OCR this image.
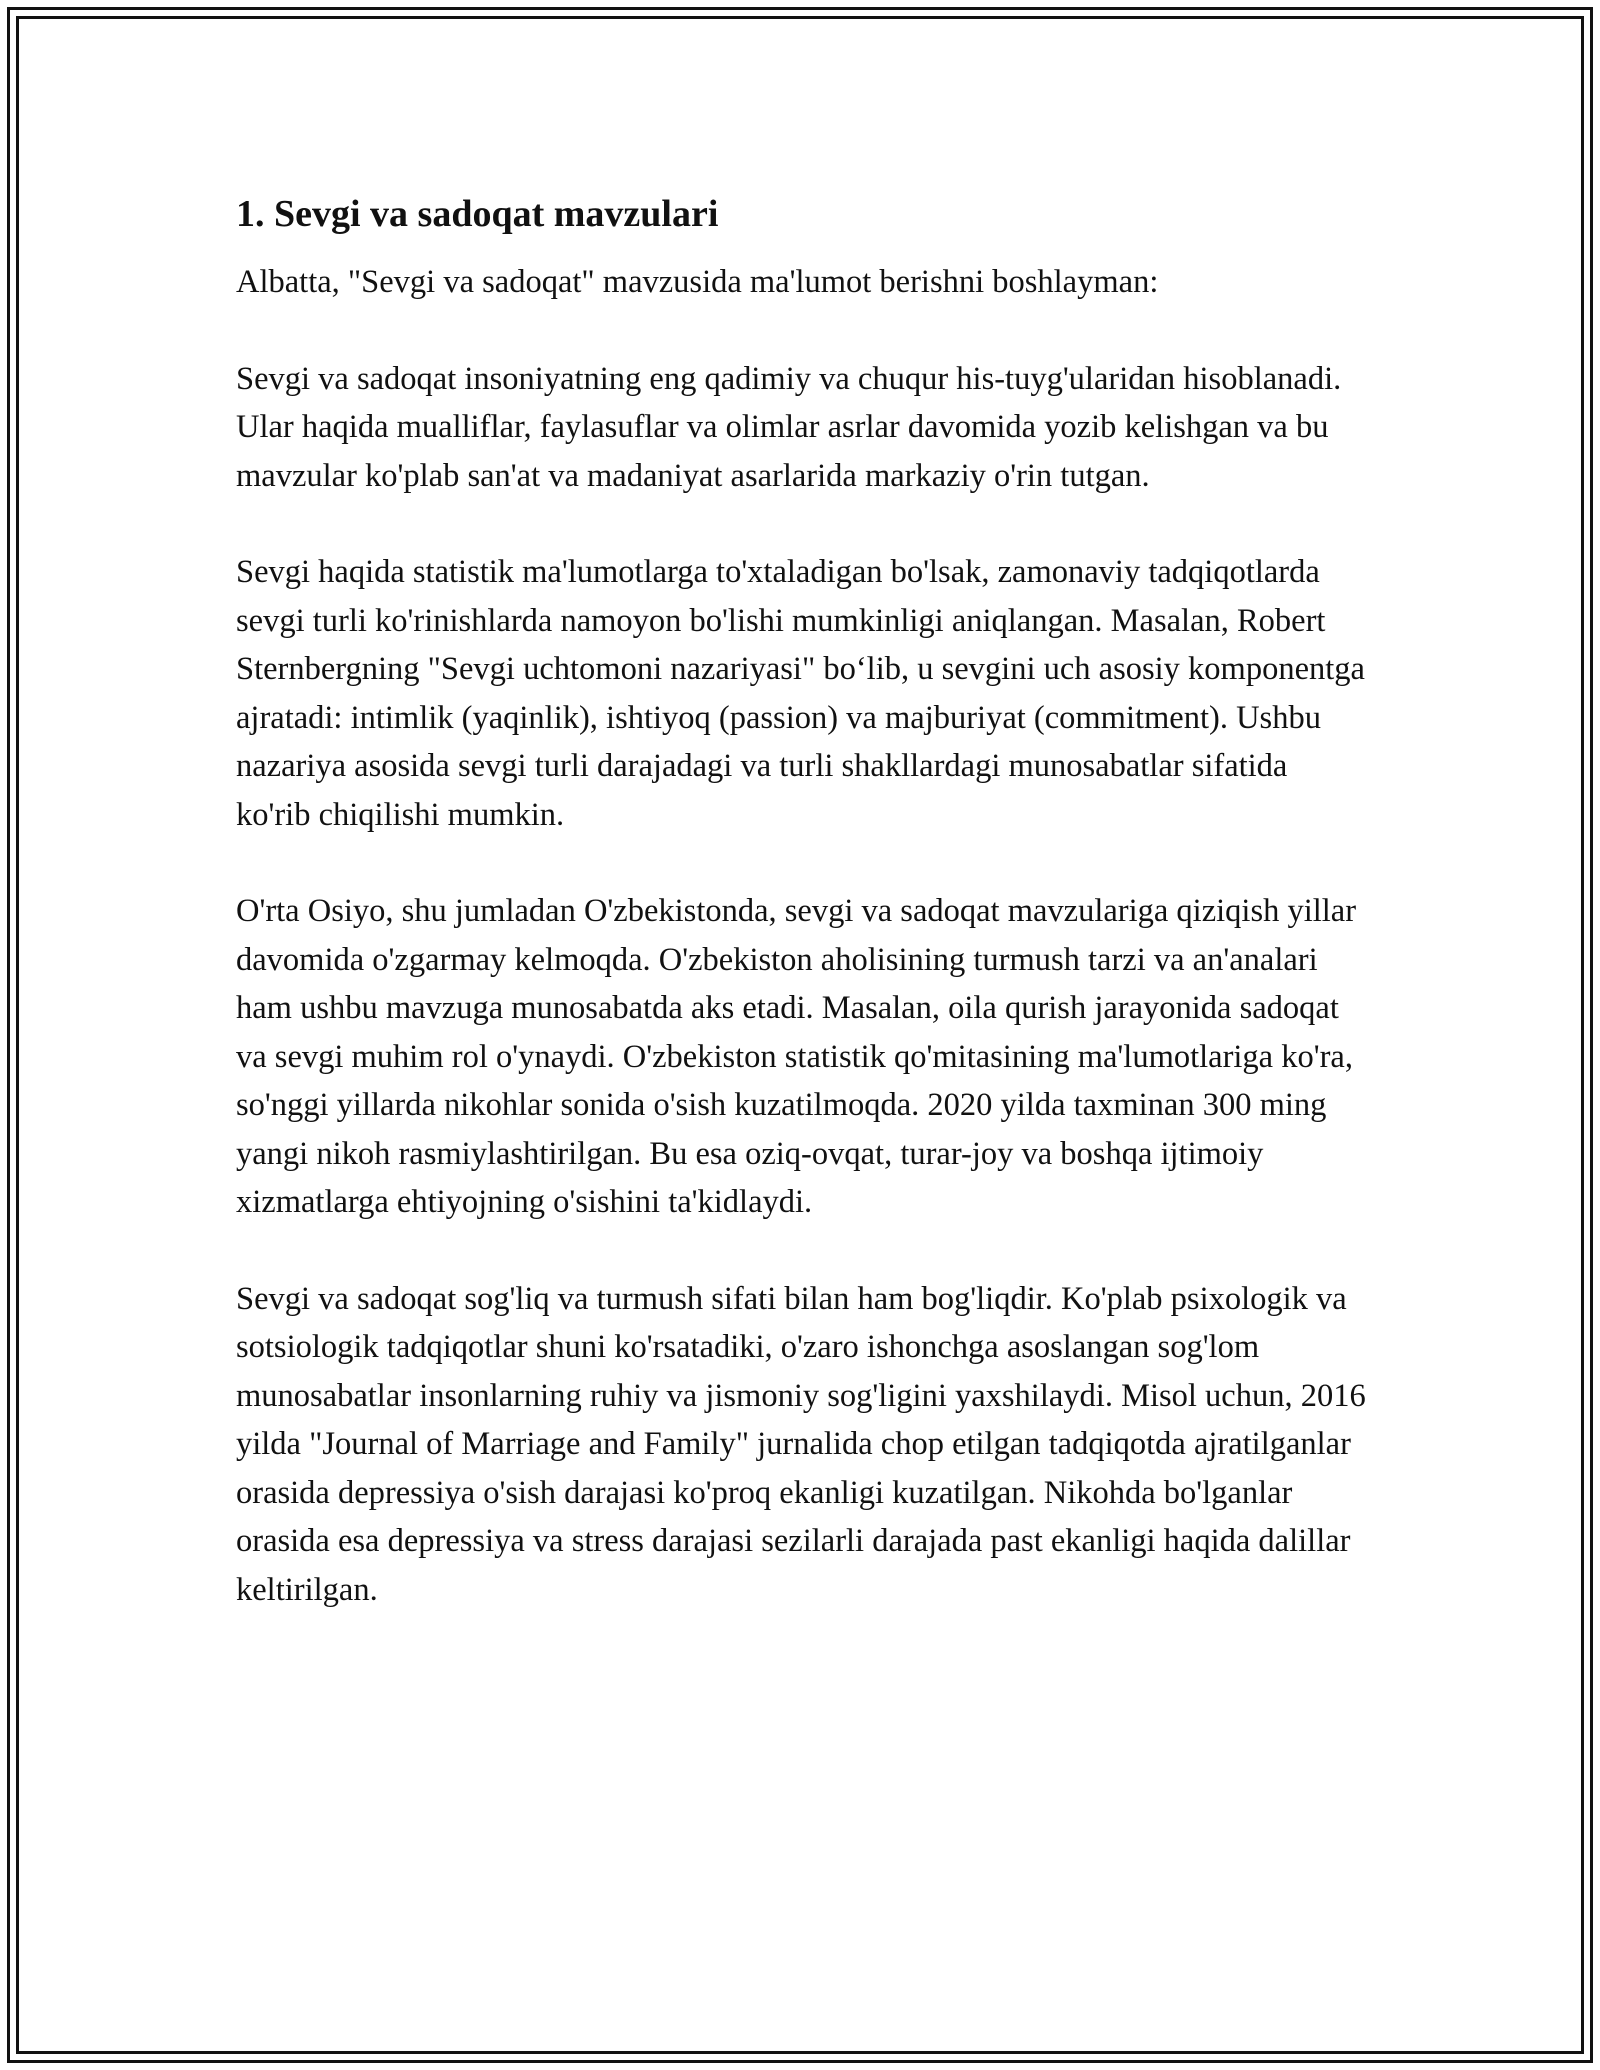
1. Sevgi va sadoqat mavzulari

Albatta, "Sevgi va sadoqat" mavzusida ma'lumot berishni boshlayman:

Sevgi va sadoqat insoniyatning eng qadimiy va chuqur his-tuyg'ularidan hisoblanadi. Ular haqida mualliflar, faylasuflar va olimlar asrlar davomida yozib kelishgan va bu mavzular ko'plab san'at va madaniyat asarlarida markaziy o'rin tutgan.

Sevgi haqida statistik ma'lumotlarga to'xtaladigan bo'lsak, zamonaviy tadqiqotlarda sevgi turli ko'rinishlarda namoyon bo'lishi mumkinligi aniqlangan. Masalan, Robert Sternbergning "Sevgi uchtomoni nazariyasi" bo‘lib, u sevgini uch asosiy komponentga ajratadi: intimlik (yaqinlik), ishtiyoq (passion) va majburiyat (commitment). Ushbu nazariya asosida sevgi turli darajadagi va turli shakllardagi munosabatlar sifatida ko'rib chiqilishi mumkin.

O'rta Osiyo, shu jumladan O'zbekistonda, sevgi va sadoqat mavzulariga qiziqish yillar davomida o'zgarmay kelmoqda. O'zbekiston aholisining turmush tarzi va an'analari ham ushbu mavzuga munosabatda aks etadi. Masalan, oila qurish jarayonida sadoqat va sevgi muhim rol o'ynaydi. O'zbekiston statistik qo'mitasining ma'lumotlariga ko'ra, so'nggi yillarda nikohlar sonida o'sish kuzatilmoqda. 2020 yilda taxminan 300 ming yangi nikoh rasmiylashtirilgan. Bu esa oziq-ovqat, turar-joy va boshqa ijtimoiy xizmatlarga ehtiyojning o'sishini ta'kidlaydi.

Sevgi va sadoqat sog'liq va turmush sifati bilan ham bog'liqdir. Ko'plab psixologik va sotsiologik tadqiqotlar shuni ko'rsatadiki, o'zaro ishonchga asoslangan sog'lom munosabatlar insonlarning ruhiy va jismoniy sog'ligini yaxshilaydi. Misol uchun, 2016 yilda "Journal of Marriage and Family" jurnalida chop etilgan tadqiqotda ajratilganlar orasida depressiya o'sish darajasi ko'proq ekanligi kuzatilgan. Nikohda bo'lganlar orasida esa depressiya va stress darajasi sezilarli darajada past ekanligi haqida dalillar keltirilgan.
